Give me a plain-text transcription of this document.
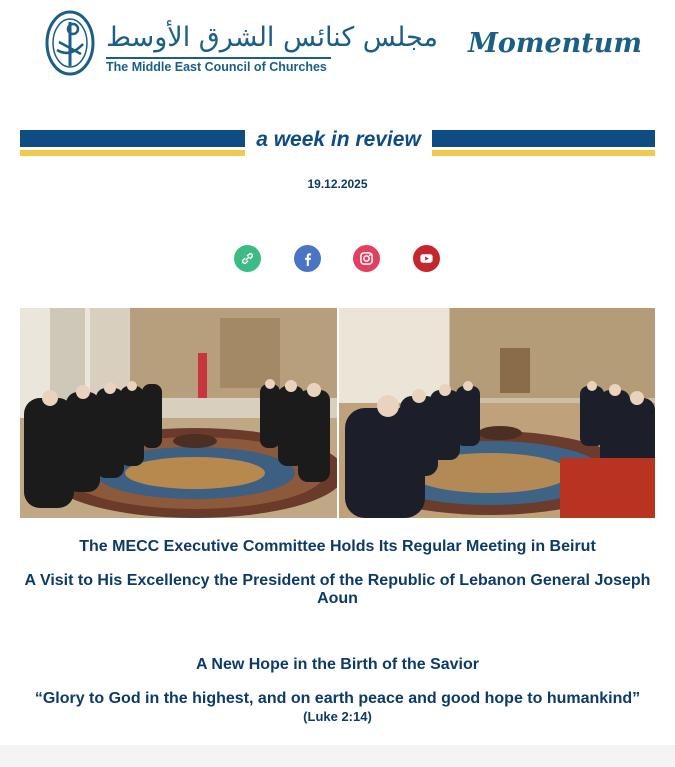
مجلس كنائس الشرق الأوسط
The Middle East Council of Churches
Momentum
a week in review
19.12.2025
The MECC Executive Committee Holds Its Regular Meeting in Beirut
A Visit to His Excellency the President of the Republic of Lebanon General Joseph Aoun
A New Hope in the Birth of the Savior
“Glory to God in the highest, and on earth peace and good hope to humankind” (Luke 2:14)
